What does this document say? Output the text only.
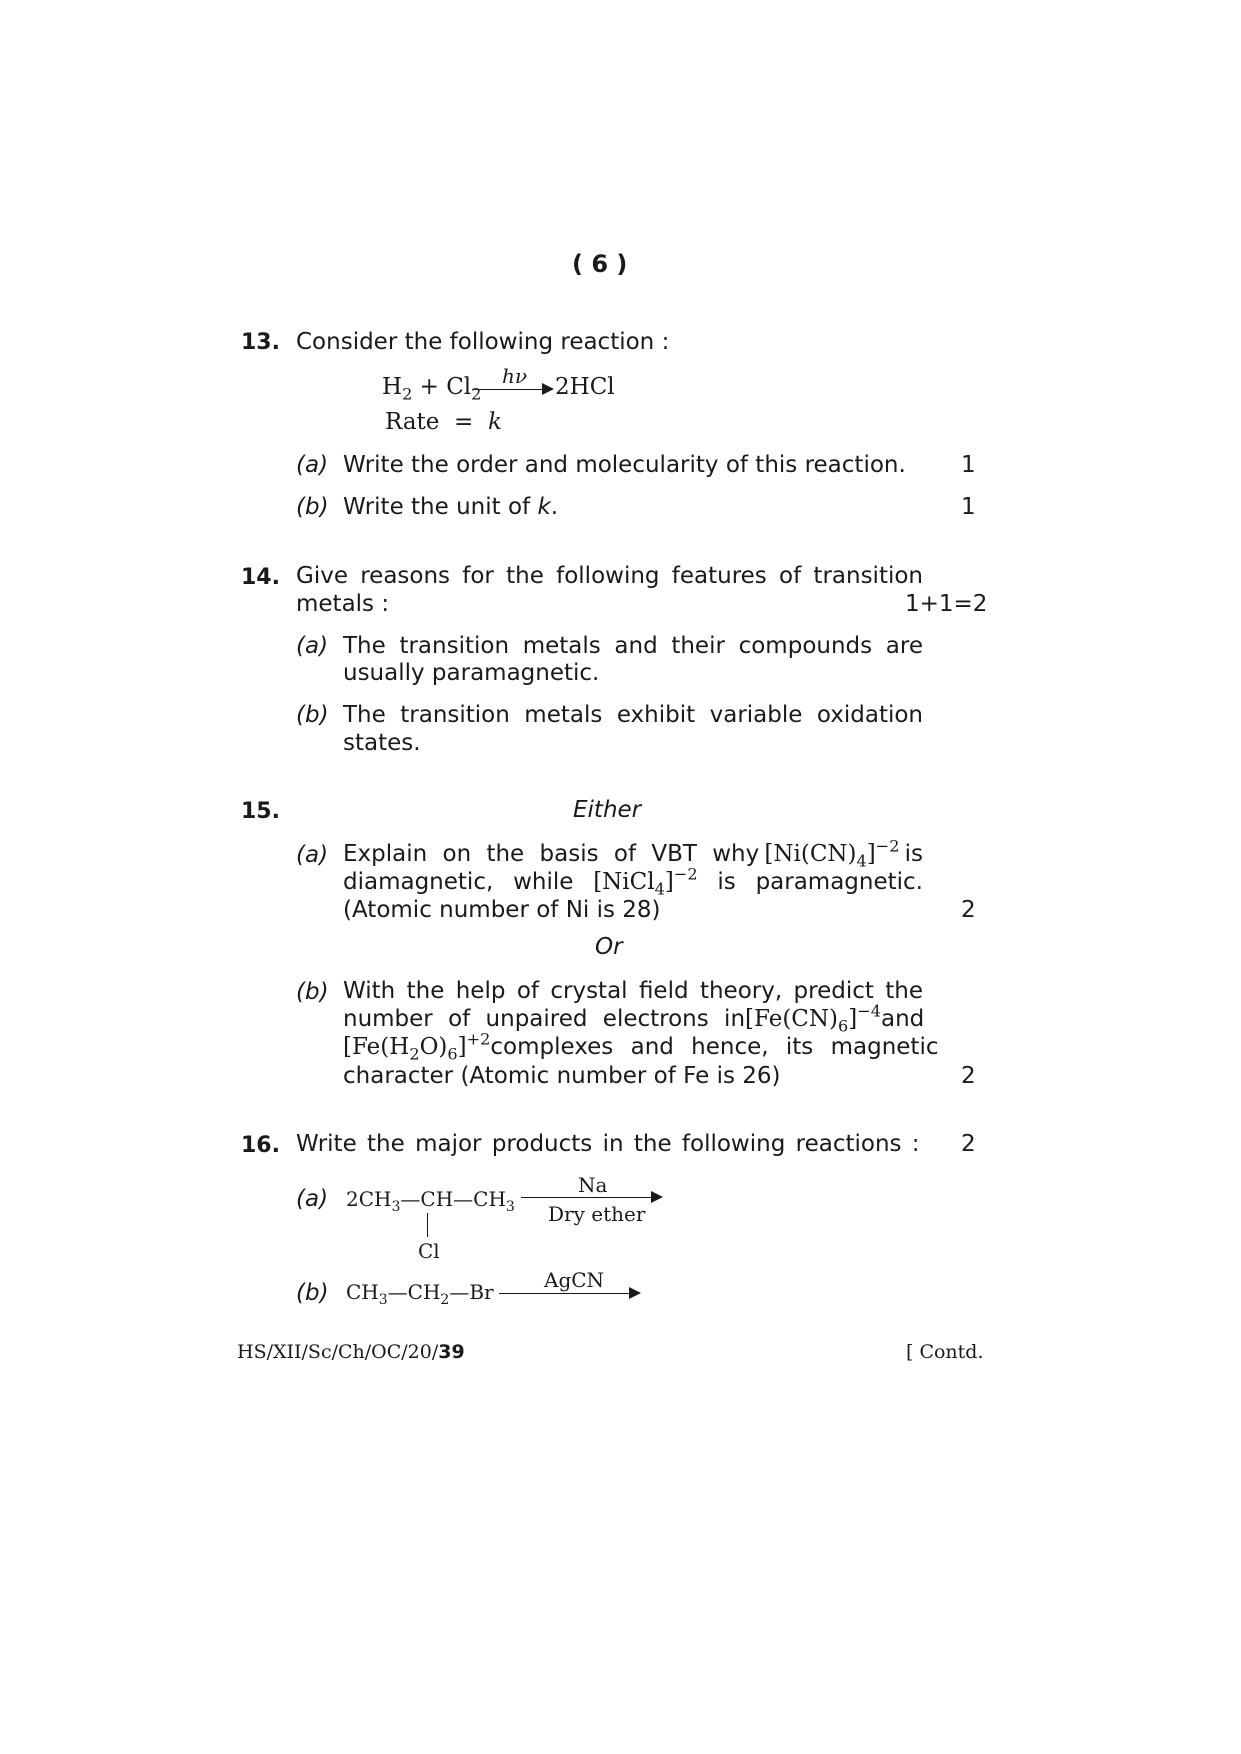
( 6 )
13. Consider the following reaction :
$H_2 + Cl_2$
hν 2HCl
Rate = k
(a) Write the order and molecularity of this reaction. 1
(b) Write the unit of k.	1
14. Give reasons for the following features of transition
metals :	1+1=2
(a) The transition metals and their compounds are
usually paramagnetic.
(b) The transition metals exhibit variable oxidation
states.
15.	Either
(a) Explain on the basis of VBT why $[Ni(CN)_4]^{-2}$ is
diamagnetic, while [NiCl$_4$]$^{-2}$ is paramagnetic.
(Atomic number of Ni is 28)	2
Or
(b) With the help of crystal field theory, predict the
number of unpaired electrons in $[Fe(CN)_6]^{-4}$ and
$[Fe(H_2O)_6]^{+2}$ complexes and hence, its magnetic
character (Atomic number of Fe is 26)	2
16. Write the major products in the following reactions : 2
(a) $2CH_3—CH—CH_3$
Cl
Na
Dry ether
(b) $CH_3—CH_2—Br$	AgCN
HS/XII/Sc/Ch/OC/20/39	[ Contd.
